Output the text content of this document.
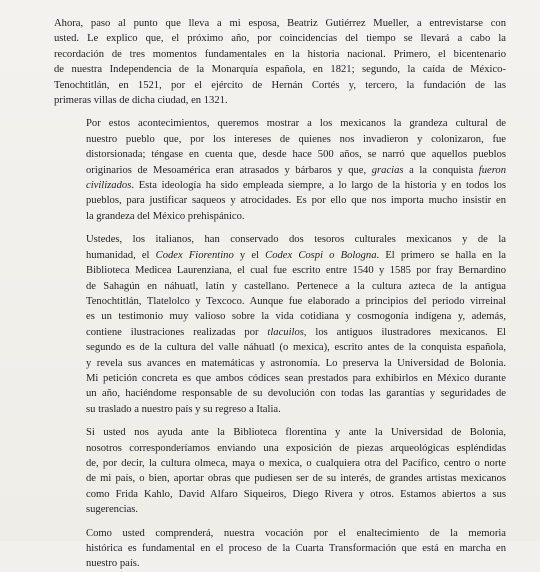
Ahora, paso al punto que lleva a mi esposa, Beatriz Gutiérrez Mueller, a entrevistarse con
usted. Le explico que, el próximo año, por coincidencias del tiempo se llevará a cabo la
recordación de tres momentos fundamentales en la historia nacional. Primero, el bicentenario
de nuestra Independencia de la Monarquía española, en 1821; segundo, la caída de México-
Tenochtitlán, en 1521, por el ejército de Hernán Cortés y, tercero, la fundación de las
primeras villas de dicha ciudad, en 1321.
Por estos acontecimientos, queremos mostrar a los mexicanos la grandeza cultural de
nuestro pueblo que, por los intereses de quienes nos invadieron y colonizaron, fue
distorsionada; téngase en cuenta que, desde hace 500 años, se narró que aquellos pueblos
originarios de Mesoamérica eran atrasados y bárbaros y que, gracias a la conquista fueron
civilizados. Esta ideología ha sido empleada siempre, a lo largo de la historia y en todos los
pueblos, para justificar saqueos y atrocidades. Es por ello que nos importa mucho insistir en
la grandeza del México prehispánico.
Ustedes, los italianos, han conservado dos tesoros culturales mexicanos y de la
humanidad, el Codex Fiorentino y el Codex Cospi o Bologna. El primero se halla en la
Biblioteca Medicea Laurenziana, el cual fue escrito entre 1540 y 1585 por fray Bernardino
de Sahagún en náhuatl, latín y castellano. Pertenece a la cultura azteca de la antigua
Tenochtitlán, Tlatelolco y Texcoco. Aunque fue elaborado a principios del periodo virreinal
es un testimonio muy valioso sobre la vida cotidiana y cosmogonía indígena y, además,
contiene ilustraciones realizadas por tlacuilos, los antiguos ilustradores mexicanos. El
segundo es de la cultura del valle náhuatl (o mexica), escrito antes de la conquista española,
y revela sus avances en matemáticas y astronomía. Lo preserva la Universidad de Bolonia.
Mi petición concreta es que ambos códices sean prestados para exhibirlos en México durante
un año, haciéndome responsable de su devolución con todas las garantías y seguridades de
su traslado a nuestro país y su regreso a Italia.
Si usted nos ayuda ante la Biblioteca florentina y ante la Universidad de Bolonia,
nosotros corresponderíamos enviando una exposición de piezas arqueológicas espléndidas
de, por decir, la cultura olmeca, maya o mexica, o cualquiera otra del Pacífico, centro o norte
de mi país, o bien, aportar obras que pudiesen ser de su interés, de grandes artistas mexicanos
como Frida Kahlo, David Alfaro Siqueiros, Diego Rivera y otros. Estamos abiertos a sus
sugerencias.
Como usted comprenderá, nuestra vocación por el enaltecimiento de la memoria
histórica es fundamental en el proceso de la Cuarta Transformación que está en marcha en
nuestro país.
